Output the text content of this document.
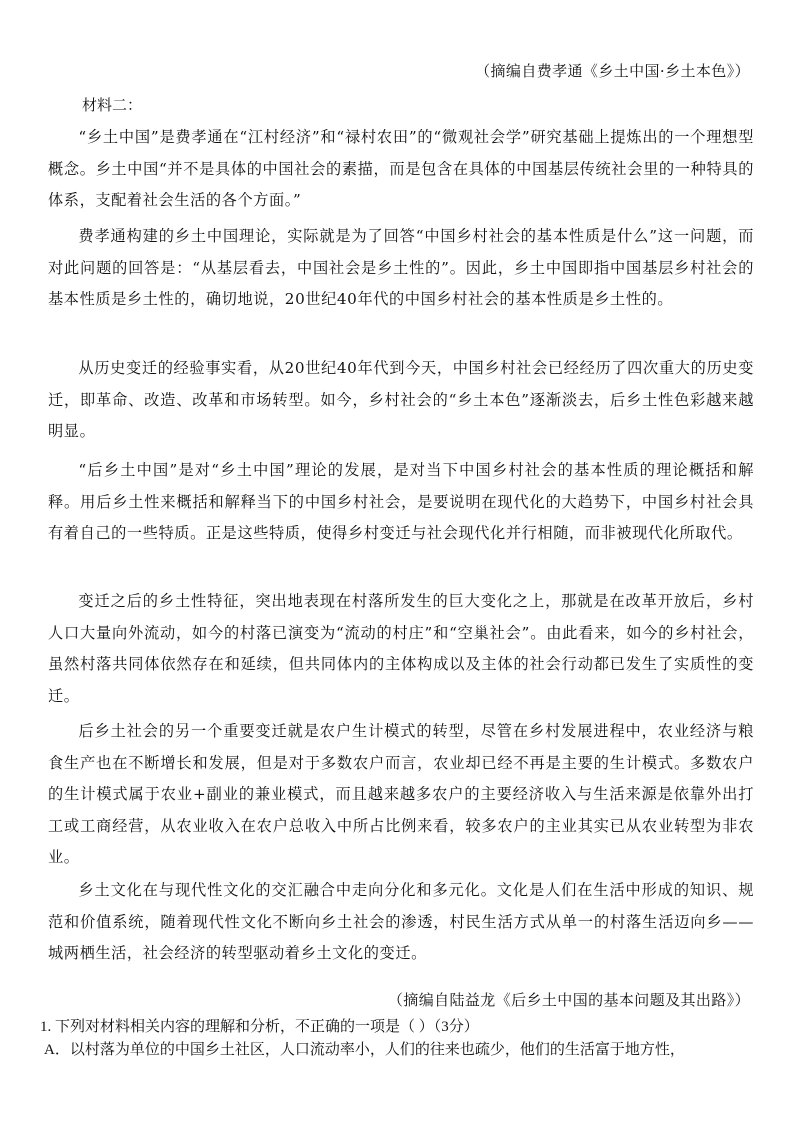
（摘编自费孝通《乡土中国·乡土本色》）
材料二：

“乡土中国”是费孝通在“江村经济”和“禄村农田”的“微观社会学”研究基础上提炼出的一个理想型概念。乡土中国“并不是具体的中国社会的素描，而是包含在具体的中国基层传统社会里的一种特具的体系，支配着社会生活的各个方面。”

费孝通构建的乡土中国理论，实际就是为了回答“中国乡村社会的基本性质是什么”这一问题，而对此问题的回答是：“从基层看去，中国社会是乡土性的”。因此，乡土中国即指中国基层乡村社会的基本性质是乡土性的，确切地说，20世纪40年代的中国乡村社会的基本性质是乡土性的。

从历史变迁的经验事实看，从20世纪40年代到今天，中国乡村社会已经经历了四次重大的历史变迁，即革命、改造、改革和市场转型。如今，乡村社会的“乡土本色”逐渐淡去，后乡土性色彩越来越明显。

“后乡土中国”是对“乡土中国”理论的发展，是对当下中国乡村社会的基本性质的理论概括和解释。用后乡土性来概括和解释当下的中国乡村社会，是要说明在现代化的大趋势下，中国乡村社会具有着自己的一些特质。正是这些特质，使得乡村变迁与社会现代化并行相随，而非被现代化所取代。

变迁之后的乡土性特征，突出地表现在村落所发生的巨大变化之上，那就是在改革开放后，乡村人口大量向外流动，如今的村落已演变为“流动的村庄”和“空巢社会”。由此看来，如今的乡村社会，虽然村落共同体依然存在和延续，但共同体内的主体构成以及主体的社会行动都已发生了实质性的变迁。

后乡土社会的另一个重要变迁就是农户生计模式的转型，尽管在乡村发展进程中，农业经济与粮食生产也在不断增长和发展，但是对于多数农户而言，农业却已经不再是主要的生计模式。多数农户的生计模式属于农业+副业的兼业模式，而且越来越多农户的主要经济收入与生活来源是依靠外出打工或工商经营，从农业收入在农户总收入中所占比例来看，较多农户的主业其实已从农业转型为非农业。

乡土文化在与现代性文化的交汇融合中走向分化和多元化。文化是人们在生活中形成的知识、规范和价值系统，随着现代性文化不断向乡土社会的渗透，村民生活方式从单一的村落生活迈向乡——城两栖生活，社会经济的转型驱动着乡土文化的变迁。

（摘编自陆益龙《后乡土中国的基本问题及其出路》）
1. 下列对材料相关内容的理解和分析，不正确的一项是（ ）（3分）
A．以村落为单位的中国乡土社区，人口流动率小，人们的往来也疏少，他们的生活富于地方性，
